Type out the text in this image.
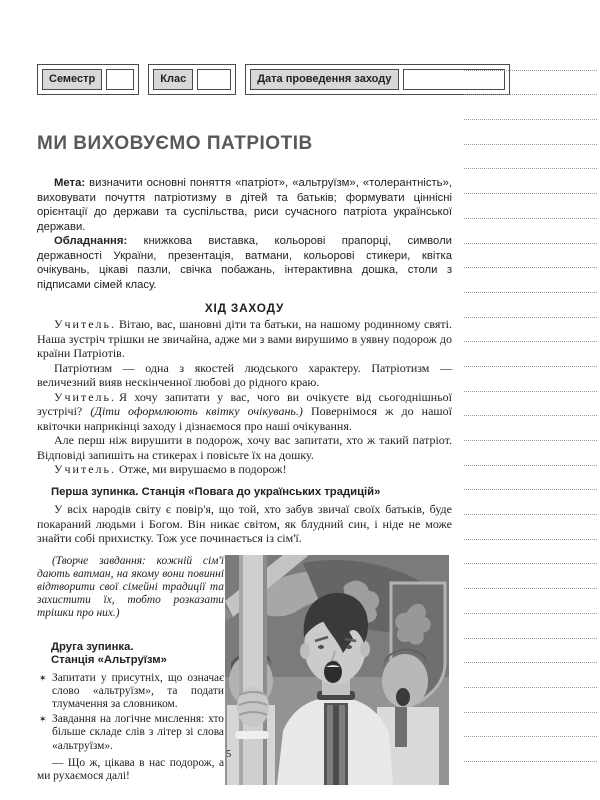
Семестр	Клас	Дата проведення заходу
МИ ВИХОВУЄМО ПАТРІОТІВ

Мета: визначити основні поняття «патріот», «альтруїзм», «толерантність», виховувати почуття патріотизму в дітей та батьків; формувати ціннісні орієнтації до держави та суспільства, риси сучасного патріота української держави.

Обладнання: книжкова виставка, кольорові прапорці, символи державності України, презентація, ватмани, кольорові стикери, квітка очікувань, цікаві пазли, свічка побажань, інтерактивна дошка, столи з підписами сімей класу.

ХІД ЗАХОДУ

Учитель. Вітаю, вас, шановні діти та батьки, на нашому родинному святі. Наша зустріч трішки не звичайна, адже ми з вами вирушимо в уявну подорож до країни Патріотів.

Патріотизм — одна з якостей людського характеру. Патріотизм — величезний вияв нескінченної любові до рідного краю.

Учитель. Я хочу запитати у вас, чого ви очікуєте від сьогоднішньої зустрічі? (Діти оформлюють квітку очікувань.) Повернімося ж до нашої квіточки наприкінці заходу і дізнаємося про наші очікування.

Але перш ніж вирушити в подорож, хочу вас запитати, хто ж такий патріот. Відповіді запишіть на стикерах і повісьте їх на дошку.

Учитель. Отже, ми вирушаємо в подорож!

Перша зупинка. Станція «Повага до українських традицій»

У всіх народів світу є повір'я, що той, хто забув звичаї своїх батьків, буде покараний людьми і Богом. Він никає світом, як блудний син, і ніде не може знайти собі прихистку. Тож усе починається із сім'ї.

(Творче завдання: кожній сім'ї дають ватман, на якому вони повинні відтворити свої сімейні традиції та захистити їх, тобто розказати трішки про них.)

Друга зупинка.
Станція «Альтруїзм»
✶ Запитати у присутніх, що означає слово «альтруїзм», та подати тлумачення за словником.
✶ Завдання на логічне мислення: хто більше складе слів з літер зі слова «альтруїзм».

— Що ж, цікава в нас подорож, а ми рухаємося далі!

5
